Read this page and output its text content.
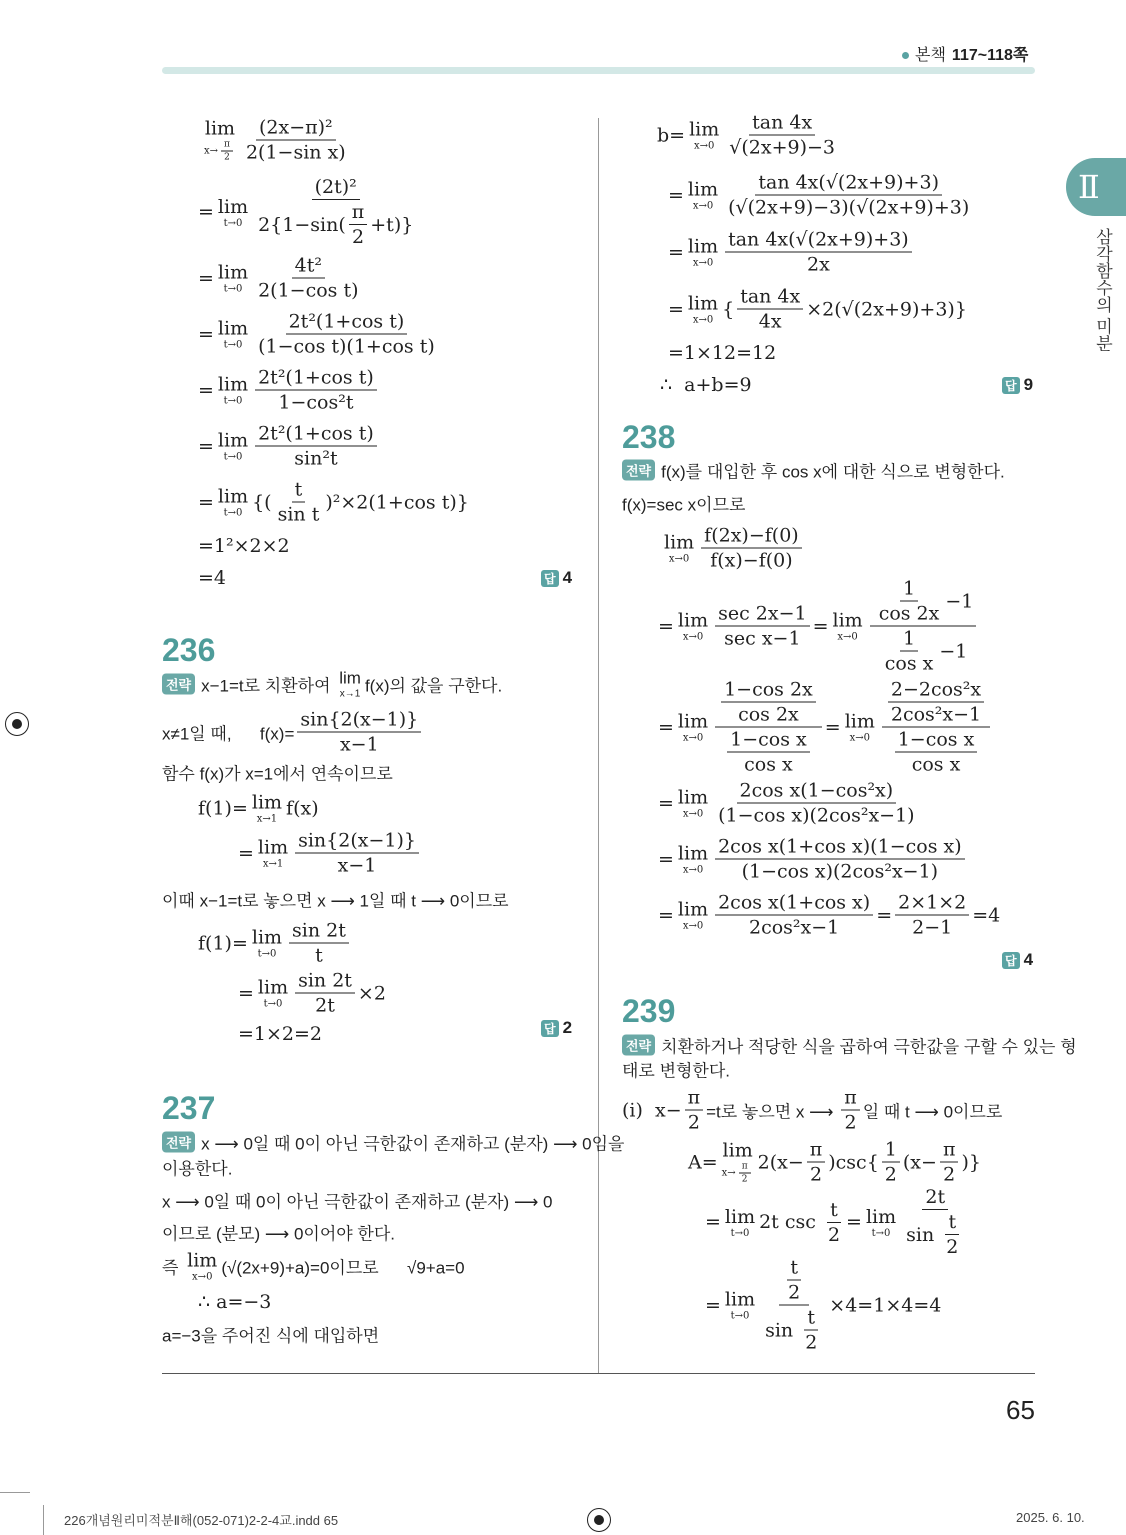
본책 117~118쪽
Ⅱ
삼각함수의 미분
lim
$x\to \frac{\pi}{2} \frac{\text{(2x−π)²}}{\text{2(1−sin x)}}$
= lim
$t\to 0 \frac{\text{(2t)²}}{2\{1-\sin( \frac{\pi}{2} +t)\}}$
= lim
$t\to 0 \frac{\text{4t²}}{\text{2(1−cos t)}}$
= lim
$t\to 0 \frac{\text{2t²(1+cos t)}}{\text{(1−cos t)(1+cos t)}}$
= lim
$t\to 0 \frac{\text{2t²(1+cos t)}}{\text{1−cos²t}}$
= lim
$t\to 0 \frac{\text{2t²(1+cos t)}}{\text{sin²t}}$
= lim
t→0 {( $\frac{t}{\text{sin t}} )^2\times 2(1+\cos$ t)}
=1²×2×2
=4	답 4
236
전략 x−1=t로 치환하여 lim
x→1 f(x)의 값을 구한다.
x≠1일 때,      $f(x)= \frac{\sin\{2(x-1)\}}{x-1}$
함수 f(x)가 x=1에서 연속이므로
f(1)= lim
x→1 f(x)
= lim
$x\to 1 \frac{\sin\{2(x-1)\}}{x-1}$
이때 x−1=t로 놓으면 x ⟶ 1일 때 t ⟶ 0이므로
f(1)= lim
$t\to 0 \frac{\sin 2t}{t}$
= lim
$t\to 0 \frac{\sin 2t}{2t} \times 2$
=1×2=2	답 2
237
전략 x ⟶ 0일 때 0이 아닌 극한값이 존재하고 (분자) ⟶ 0임을
이용한다.
x ⟶ 0일 때 0이 아닌 극한값이 존재하고 (분자) ⟶ 0
이므로 (분모) ⟶ 0이어야 한다.
즉 lim
x→0 (√(2x+9)+a)=0이므로      √9+a=0
∴ a=−3
a=−3을 주어진 식에 대입하면
b= lim
$x\to 0 \frac{\tan 4x}{√(2x+9)-3}$
= lim
$x\to 0 \frac{\tan 4x(√(2x+9)+3)}{(√(2x+9)-3)(√(2x+9)+3)}$
= lim
$x\to 0 \frac{\tan 4x(√(2x+9)+3)}{2x}$
= lim
x→0 { $\frac{\tan 4x}{4x} \times 2(√(2x+9)+3)$}
=1×12=12
∴  a+b=9	답 9
238
전략 f(x)를 대입한 후 cos x에 대한 식으로 변형한다.
f(x)=sec x이므로
lim
$x\to 0 \frac{f(2x)-f(0)}{f(x)-f(0)}$
= lim
$x\to 0 \frac{\sec 2x-1}{\text{sec x−1}} = \lim$
$x\to 0 \frac{\frac{1}{\cos 2x} -1}{\frac{1}{\text{cos x}} -1}$
= lim
$x\to 0 \frac{\frac{1-\cos 2x}{\cos 2x}}{\frac{\text{1−cos x}}{\text{cos x}}} = \lim$
$x\to 0 \frac{\frac{\text{2−2cos²x}}{\text{2cos²x−1}}}{\frac{\text{1−cos x}}{\text{cos x}}}$
= lim
$x\to 0 \frac{\text{2cos x(1−cos²x)}}{\text{(1−cos x)(2cos²x−1)}}$
= lim
$x\to 0 \frac{\text{2cos x(1+cos x)(1−cos x)}}{\text{(1−cos x)(2cos²x−1)}}$
= lim
$x\to 0 \frac{\text{2cos x(1+cos x)}}{\text{2cos²x−1}} = \frac{2\times 1\times 2}{2-1} =4$
답 4
239
전략 치환하거나 적당한 식을 곱하여 극한값을 구할 수 있는 형
태로 변형한다.
(i)  $x- \frac{\pi}{2} =t$로 놓으면 x ⟶ $\frac{\pi}{2}$ 일 때 t ⟶ 0이므로
A=
lim
$x\to \frac{\pi}{2} 2(x- \frac{\pi}{2} )\csc\{ \frac{1}{2} (x- \frac{\pi}{2}$ )}
= lim
t→0 2t $\csc \frac{t}{2} = \lim$
$t\to 0 \frac{2t}{\sin \frac{t}{2}}$
= lim
$t\to 0 \frac{\frac{t}{2}}{\sin \frac{t}{2}} \times 4=1\times 4=4$
65
226개념원리미적분Ⅱ해(052-071)2-2-4교.indd 65	2025. 6. 10.
